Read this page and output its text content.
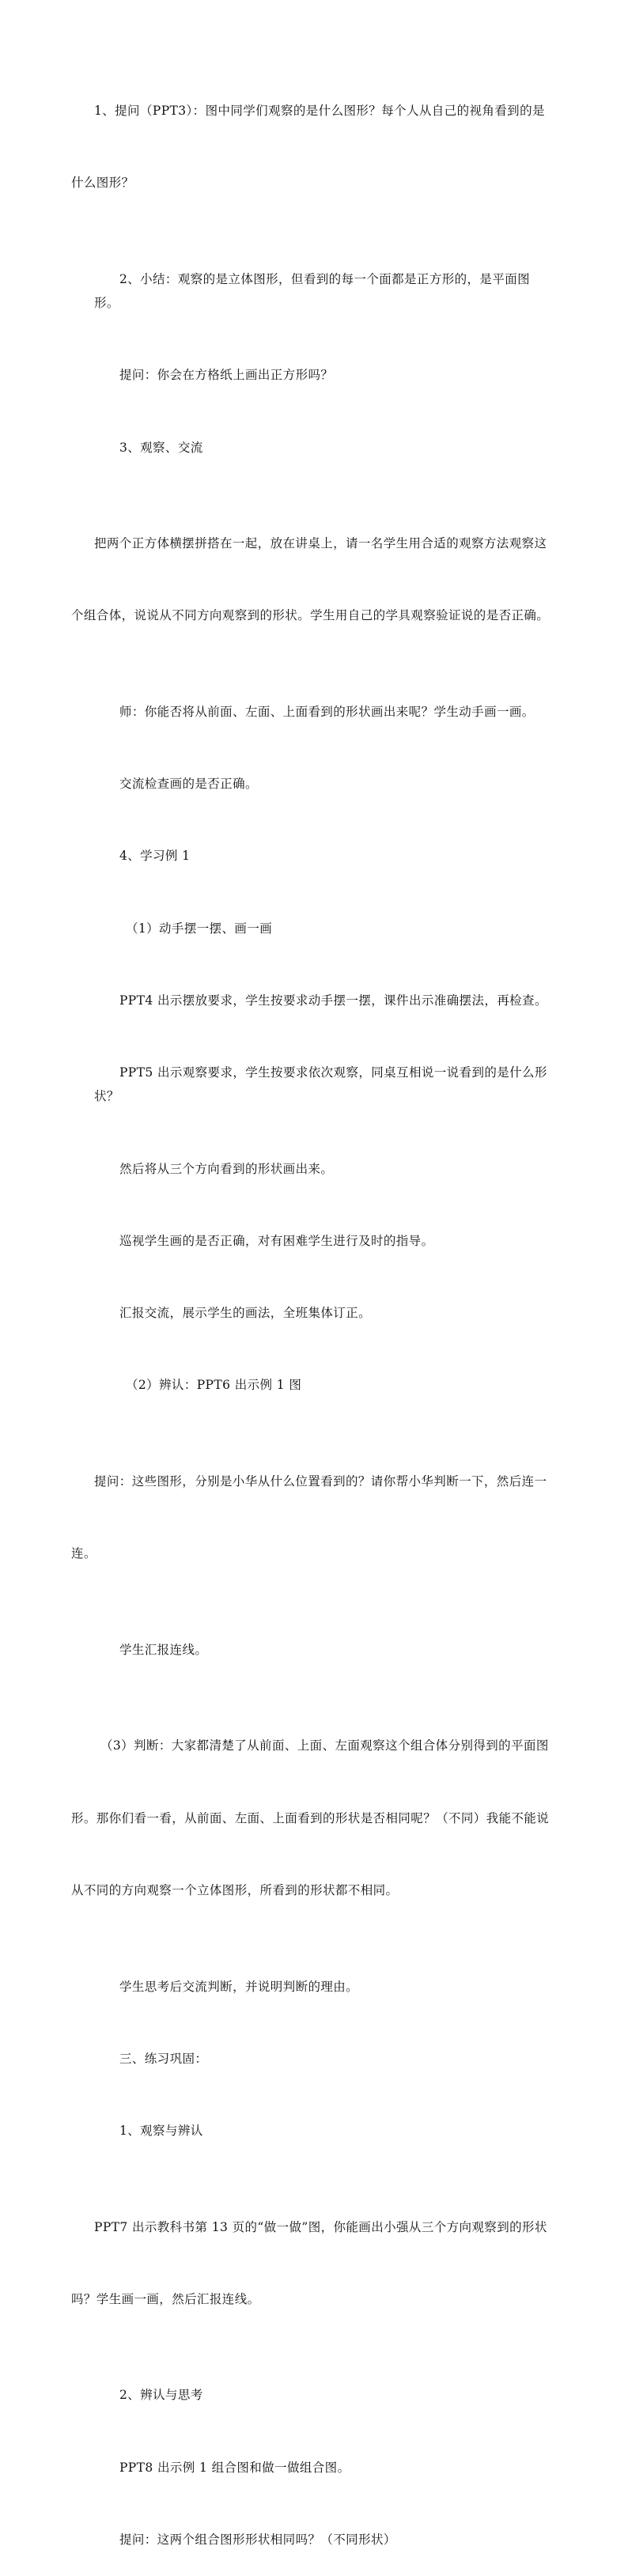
1、提问（PPT3）：图中同学们观察的是什么图形？每个人从自己的视角看到的是

什么图形？

2、小结：观察的是立体图形，但看到的每一个面都是正方形的，是平面图形。

提问：你会在方格纸上画出正方形吗？

3、观察、交流

把两个正方体横摆拼搭在一起，放在讲桌上，请一名学生用合适的观察方法观察这

个组合体，说说从不同方向观察到的形状。学生用自己的学具观察验证说的是否正确。

师：你能否将从前面、左面、上面看到的形状画出来呢？学生动手画一画。

交流检查画的是否正确。

4、学习例 1

（1）动手摆一摆、画一画

PPT4 出示摆放要求，学生按要求动手摆一摆，课件出示准确摆法，再检查。

PPT5 出示观察要求，学生按要求依次观察，同桌互相说一说看到的是什么形状？

然后将从三个方向看到的形状画出来。

巡视学生画的是否正确，对有困难学生进行及时的指导。

汇报交流，展示学生的画法，全班集体订正。

（2）辨认：PPT6 出示例 1 图

提问：这些图形，分别是小华从什么位置看到的？请你帮小华判断一下，然后连一

连。

学生汇报连线。

（3）判断：大家都清楚了从前面、上面、左面观察这个组合体分别得到的平面图

形。那你们看一看，从前面、左面、上面看到的形状是否相同呢？（不同）我能不能说

从不同的方向观察一个立体图形，所看到的形状都不相同。

学生思考后交流判断，并说明判断的理由。

三、练习巩固：

1、观察与辨认

PPT7 出示教科书第 13 页的“做一做”图，你能画出小强从三个方向观察到的形状

吗？学生画一画，然后汇报连线。

2、辨认与思考

PPT8 出示例 1 组合图和做一做组合图。

提问：这两个组合图形形状相同吗？（不同形状）
